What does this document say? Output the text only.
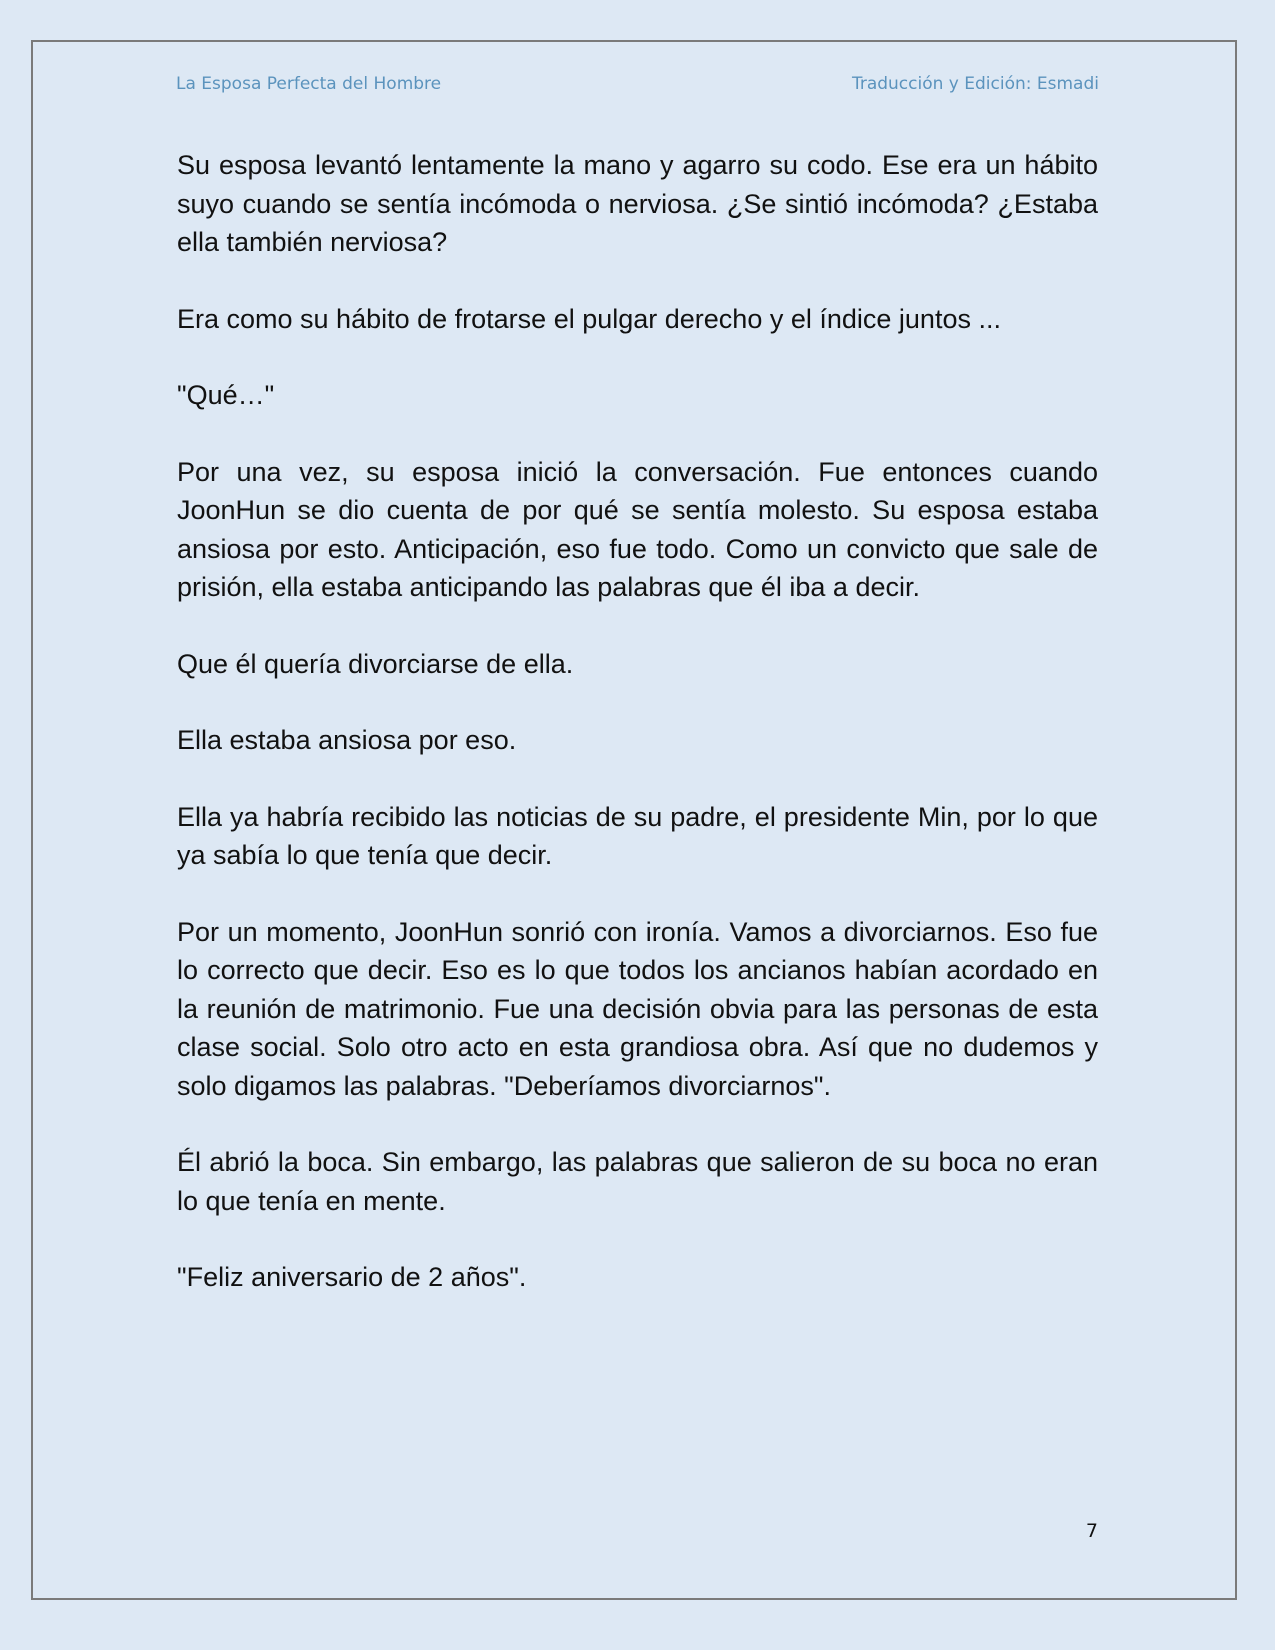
La Esposa Perfecta del Hombre	Traducción y Edición: Esmadi

Su esposa levantó lentamente la mano y agarro su codo. Ese era un hábito suyo cuando se sentía incómoda o nerviosa. ¿Se sintió incómoda? ¿Estaba ella también nerviosa?

Era como su hábito de frotarse el pulgar derecho y el índice juntos ...

"Qué…"

Por una vez, su esposa inició la conversación. Fue entonces cuando JoonHun se dio cuenta de por qué se sentía molesto. Su esposa estaba ansiosa por esto. Anticipación, eso fue todo. Como un convicto que sale de prisión, ella estaba anticipando las palabras que él iba a decir.

Que él quería divorciarse de ella.

Ella estaba ansiosa por eso.

Ella ya habría recibido las noticias de su padre, el presidente Min, por lo que ya sabía lo que tenía que decir.

Por un momento, JoonHun sonrió con ironía. Vamos a divorciarnos. Eso fue lo correcto que decir. Eso es lo que todos los ancianos habían acordado en la reunión de matrimonio. Fue una decisión obvia para las personas de esta clase social. Solo otro acto en esta grandiosa obra. Así que no dudemos y solo digamos las palabras. "Deberíamos divorciarnos".

Él abrió la boca. Sin embargo, las palabras que salieron de su boca no eran lo que tenía en mente.

"Feliz aniversario de 2 años".

7
